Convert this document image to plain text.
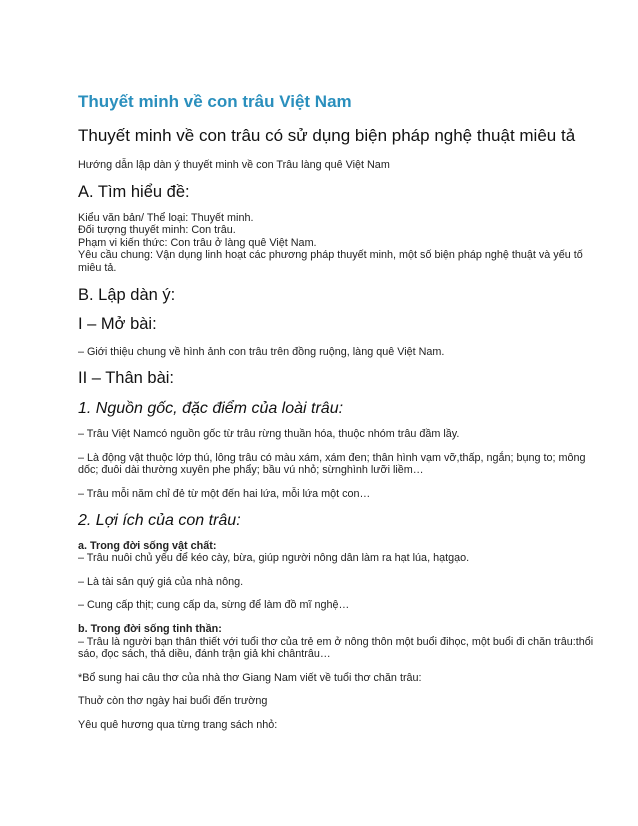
Thuyết minh về con trâu Việt Nam
Thuyết minh về con trâu có sử dụng biện pháp nghệ thuật miêu tả
Hướng dẫn lập dàn ý thuyết minh về con Trâu làng quê Việt Nam
A. Tìm hiểu đề:
Kiểu văn bản/ Thể loại: Thuyết minh.
Đối tượng thuyết minh: Con trâu.
Phạm vi kiến thức: Con trâu ở làng quê Việt Nam.
Yêu cầu chung: Vận dụng linh hoạt các phương pháp thuyết minh, một số biện pháp nghệ thuật và yếu tố miêu tả.
B. Lập dàn ý:
I – Mở bài:
– Giới thiệu chung về hình ảnh con trâu trên đồng ruộng, làng quê Việt Nam.
II – Thân bài:
1. Nguồn gốc, đặc điểm của loài trâu:
– Trâu Việt Namcó nguồn gốc từ trâu rừng thuần hóa, thuộc nhóm trâu đầm lầy.
– Là động vật thuộc lớp thú, lông trâu có màu xám, xám đen; thân hình vạm vỡ,thấp, ngắn; bụng to; mông dốc; đuôi dài thường xuyên phe phẩy; bầu vú nhỏ; sừnghình lưỡi liềm…
– Trâu mỗi năm chỉ đẻ từ một đến hai lứa, mỗi lứa một con…
2. Lợi ích của con trâu:
a. Trong đời sống vật chất:
– Trâu nuôi chủ yếu để kéo cày, bừa, giúp người nông dân làm ra hạt lúa, hạtgạo.
– Là tài sản quý giá của nhà nông.
– Cung cấp thịt; cung cấp da, sừng để làm đồ mĩ nghệ…
b. Trong đời sống tinh thần:
– Trâu là người bạn thân thiết với tuổi thơ của trẻ em ở nông thôn một buổi đihọc, một buổi đi chăn trâu:thổi sáo, đọc sách, thả diều, đánh trận giả khi chântrâu…
*Bổ sung hai câu thơ của nhà thơ Giang Nam viết về tuổi thơ chăn trâu:
Thuở còn thơ ngày hai buổi đến trường
Yêu quê hương qua từng trang sách nhỏ:
